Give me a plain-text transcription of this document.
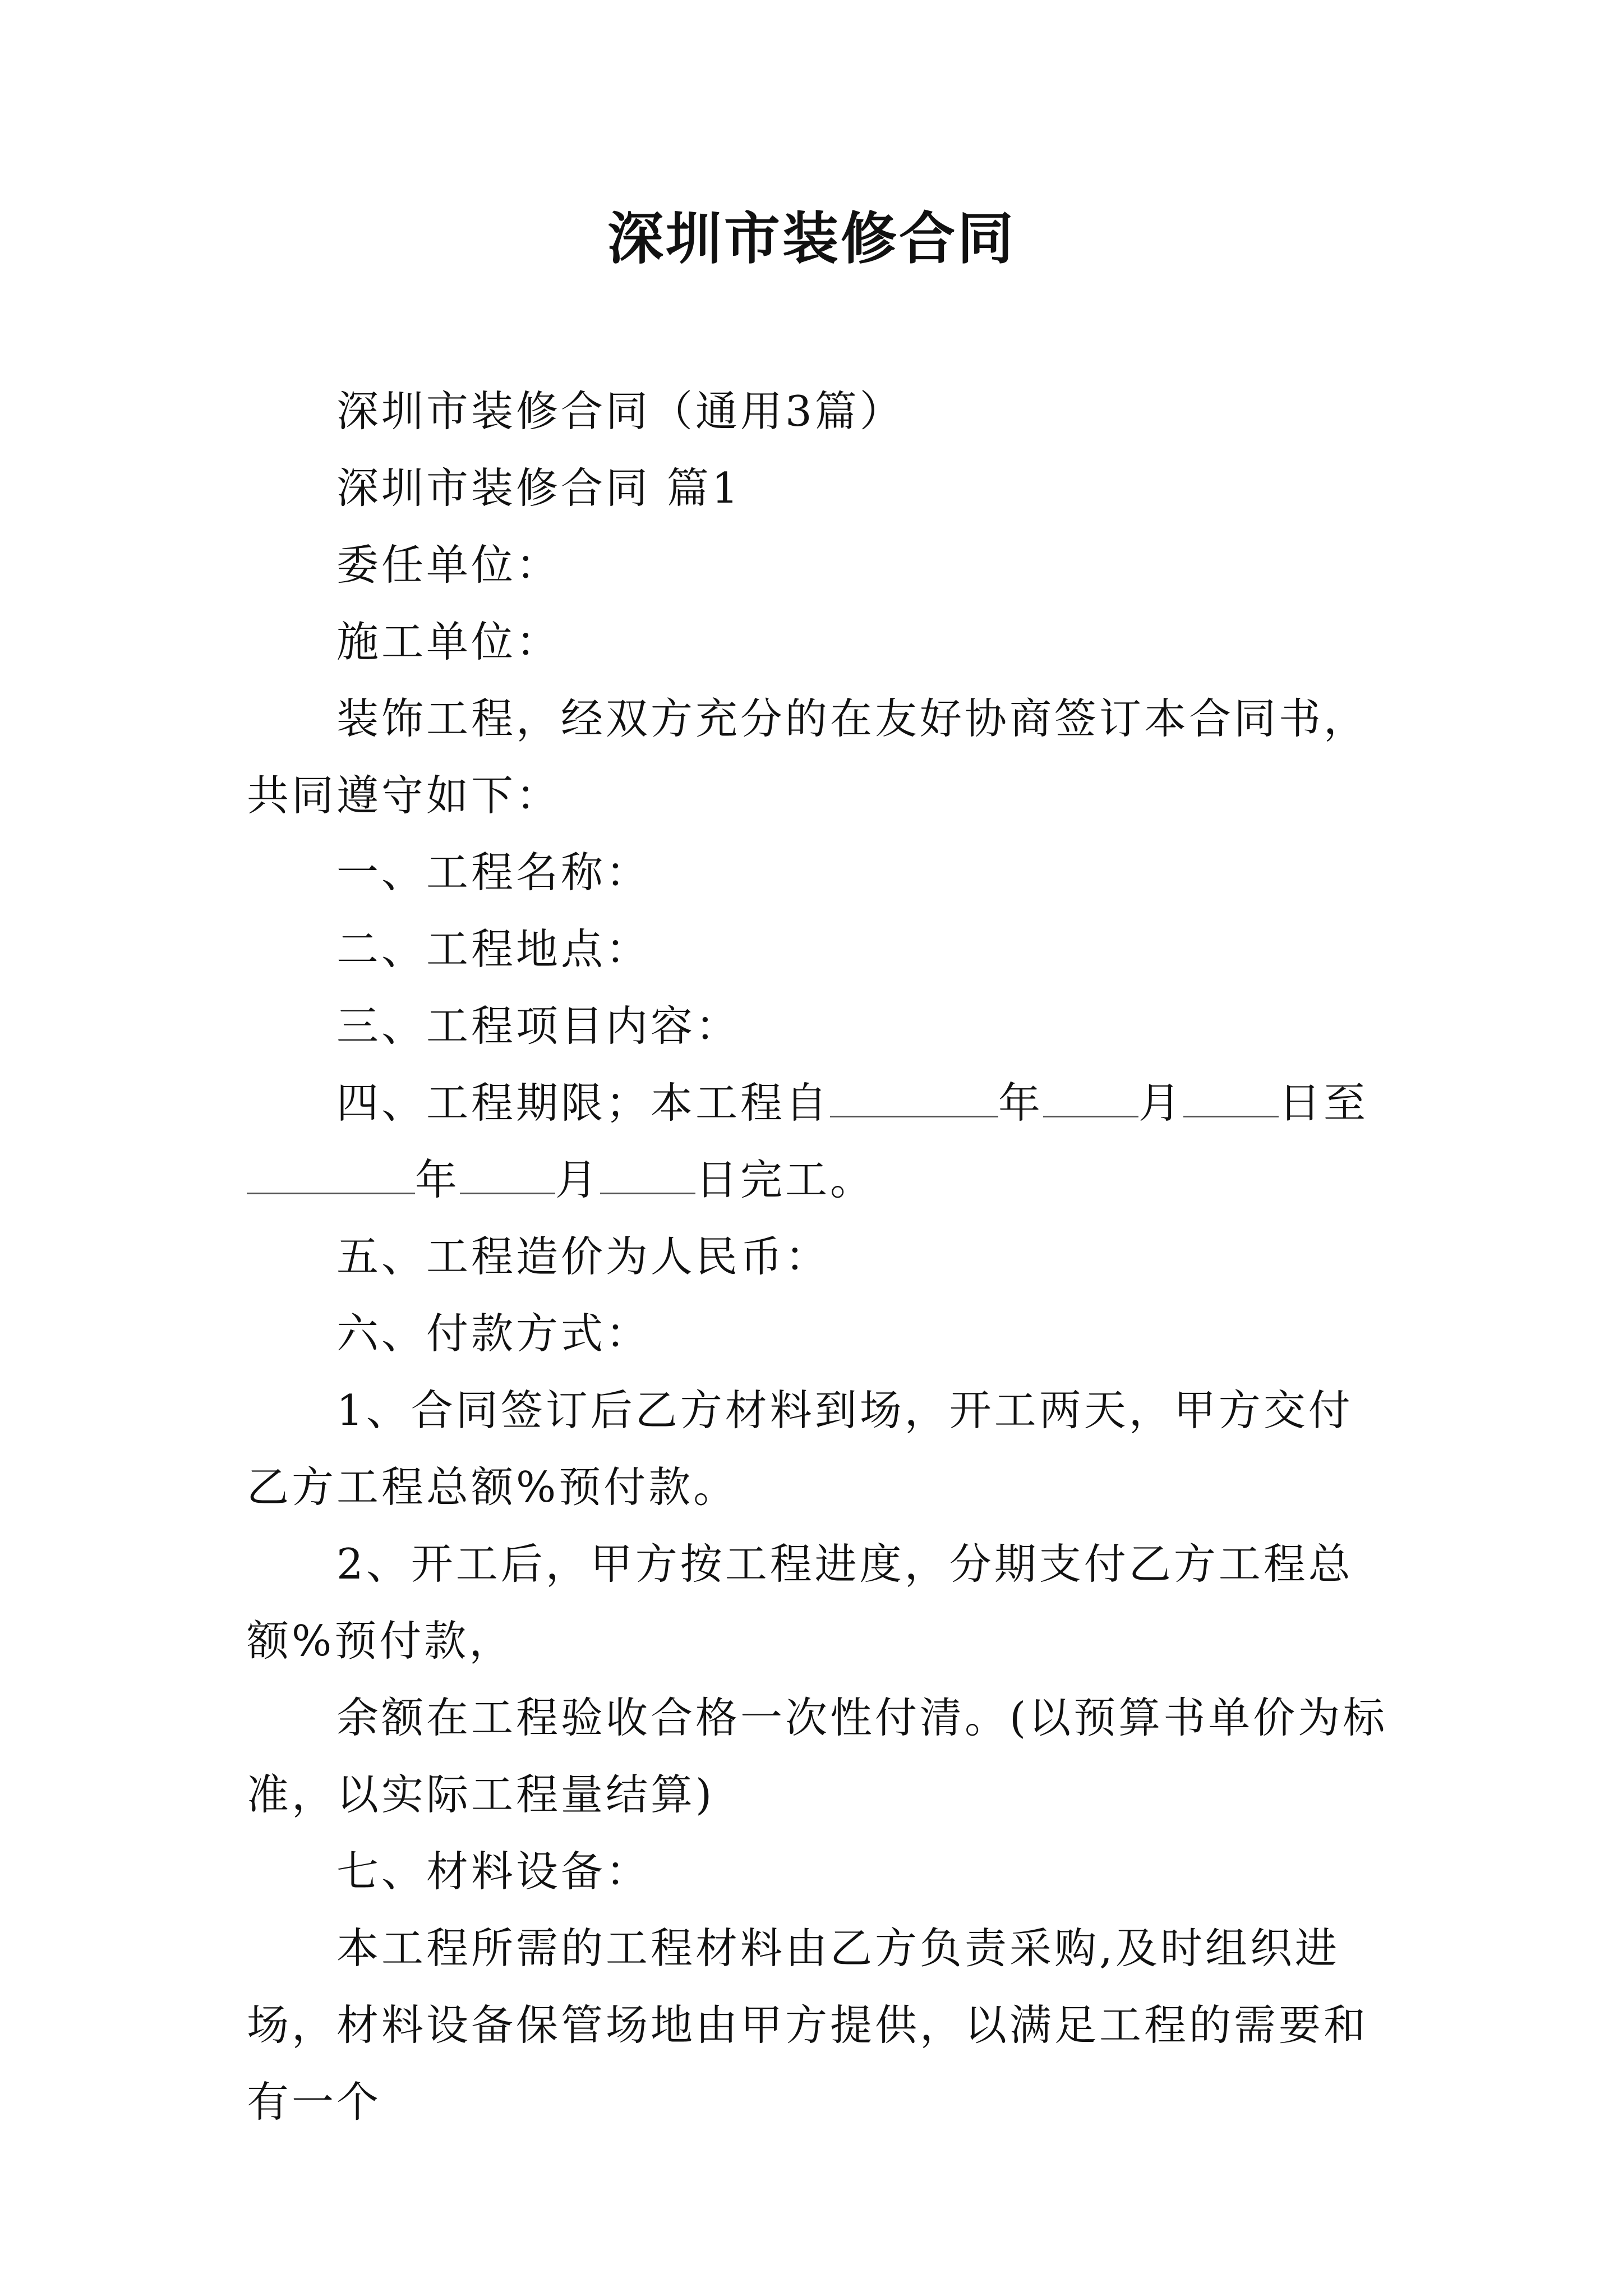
深圳市装修合同

深圳市装修合同（通用3篇）

深圳市装修合同 篇1

委任单位：

施工单位：

装饰工程，经双方充分的在友好协商签订本合同书，共同遵守如下：

一、工程名称：

二、工程地点：

三、工程项目内容：

四、工程期限；本工程自	年 月 日至年 月 日完工。

五、工程造价为人民币：

六、付款方式：

1、合同签订后乙方材料到场，开工两天，甲方交付乙方工程总额%预付款。

2、开工后，甲方按工程进度，分期支付乙方工程总额%预付款，

余额在工程验收合格一次性付清。(以预算书单价为标准，以实际工程量结算)

七、材料设备：

本工程所需的工程材料由乙方负责采购,及时组织进场，材料设备保管场地由甲方提供，以满足工程的需要和有一个
